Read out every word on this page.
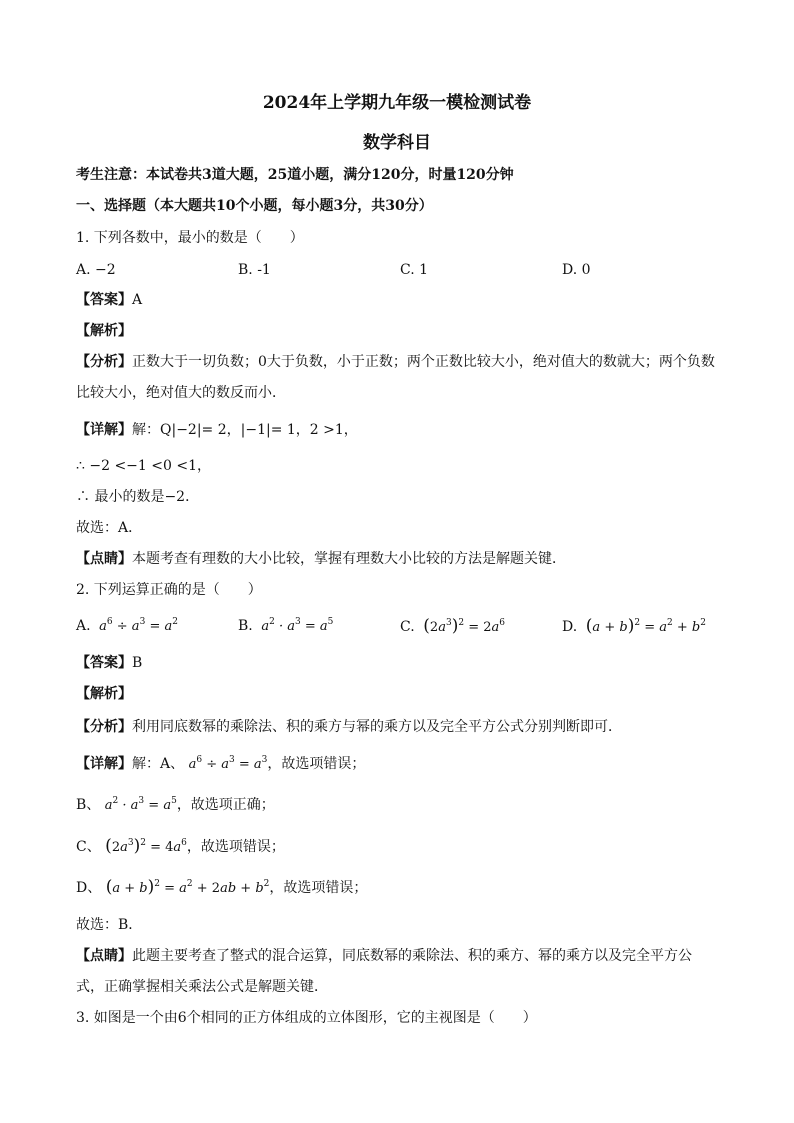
2024年上学期九年级一模检测试卷
数学科目
考生注意：本试卷共3道大题，25道小题，满分120分，时量120分钟
一、选择题（本大题共10个小题，每小题3分，共30分）
1. 下列各数中，最小的数是（　　）
A. −2	B. -1	C. 1	D. 0
【答案】A
【解析】
【分析】正数大于一切负数；0大于负数，小于正数；两个正数比较大小，绝对值大的数就大；两个负数
比较大小，绝对值大的数反而小．
【详解】解：Q|−2|= 2，|−1|= 1，2 >1，
∴ −2 <−1 <0 <1，
∴ 最小的数是−2．
故选：A．
【点睛】本题考查有理数的大小比较，掌握有理数大小比较的方法是解题关键．
2. 下列运算正确的是（　　）
A.  $a^6 \div a^3 = a^2$	B.  $a^2 \cdot a^3 = a^5$	C. $(2a^3)^2 = 2a^6$	D. $(a + b)^2 = a^2 + b^2$
【答案】B
【解析】
【分析】利用同底数幂的乘除法、积的乘方与幂的乘方以及完全平方公式分别判断即可．
【详解】解：A、 $a^6 \div a^3 = a^3$，故选项错误；
B、 $a^2 \cdot a^3 = a^5$，故选项正确；
C、 $(2a^3)^2 = 4a^6$，故选项错误；
D、 $(a + b)^2 = a^2 + 2ab + b^2$，故选项错误；
故选：B．
【点睛】此题主要考查了整式的混合运算，同底数幂的乘除法、积的乘方、幂的乘方以及完全平方公
式，正确掌握相关乘法公式是解题关键．
3. 如图是一个由6个相同的正方体组成的立体图形，它的主视图是（　　）
